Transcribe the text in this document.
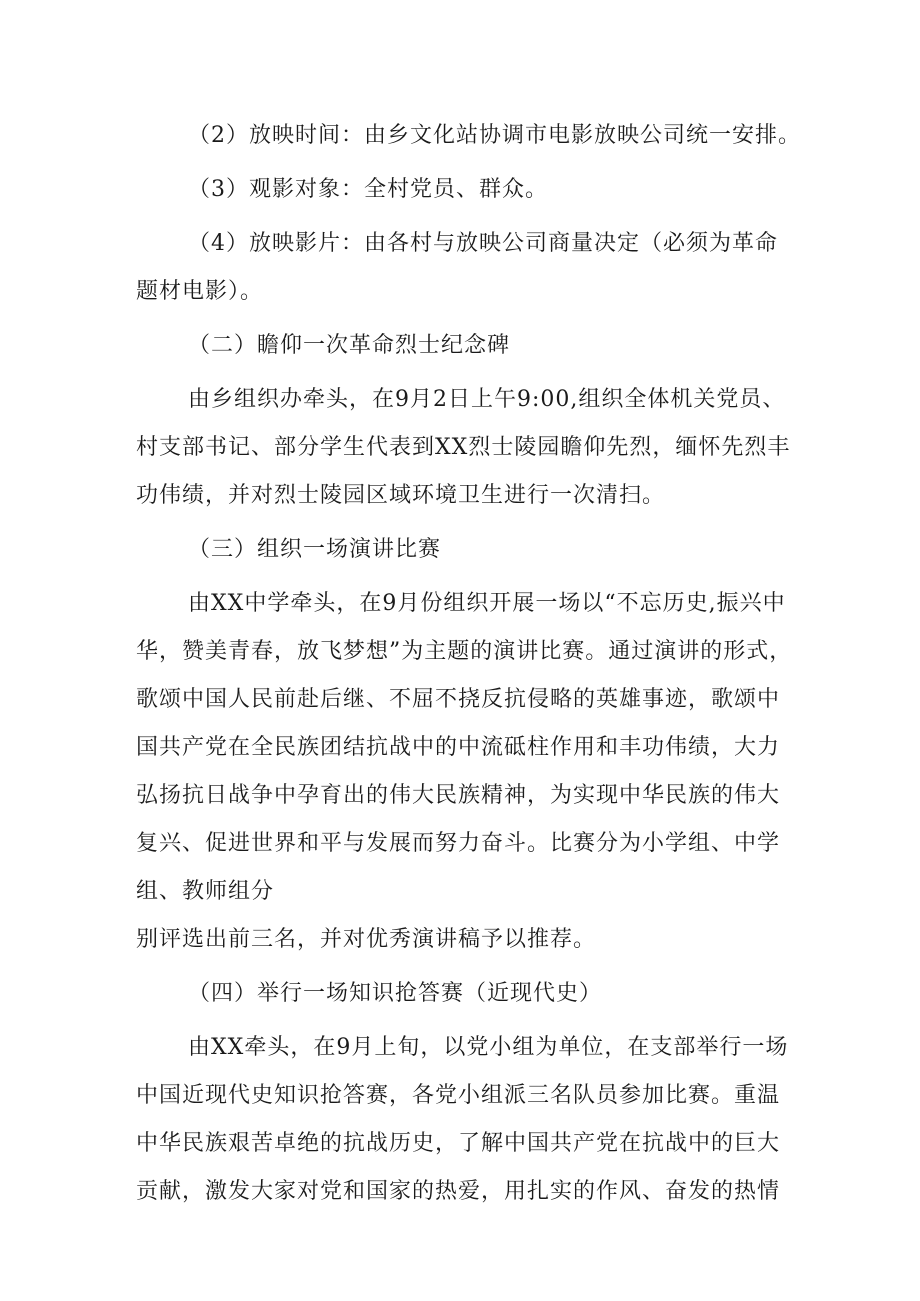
（2）放映时间：由乡文化站协调市电影放映公司统一安排。
（3）观影对象：全村党员、群众。
（4）放映影片：由各村与放映公司商量决定（必须为革命
题材电影）。
（二）瞻仰一次革命烈士纪念碑
由乡组织办牵头，在9月2日上午9:00,组织全体机关党员、
村支部书记、部分学生代表到XX烈士陵园瞻仰先烈，缅怀先烈丰
功伟绩，并对烈士陵园区域环境卫生进行一次清扫。
（三）组织一场演讲比赛
由XX中学牵头，在9月份组织开展一场以“不忘历史,振兴中
华，赞美青春，放飞梦想”为主题的演讲比赛。通过演讲的形式，
歌颂中国人民前赴后继、不屈不挠反抗侵略的英雄事迹，歌颂中
国共产党在全民族团结抗战中的中流砥柱作用和丰功伟绩，大力
弘扬抗日战争中孕育出的伟大民族精神，为实现中华民族的伟大
复兴、促进世界和平与发展而努力奋斗。比赛分为小学组、中学
组、教师组分
别评选出前三名，并对优秀演讲稿予以推荐。
（四）举行一场知识抢答赛（近现代史）
由XX牵头，在9月上旬，以党小组为单位，在支部举行一场
中国近现代史知识抢答赛，各党小组派三名队员参加比赛。重温
中华民族艰苦卓绝的抗战历史，了解中国共产党在抗战中的巨大
贡献，激发大家对党和国家的热爱，用扎实的作风、奋发的热情
